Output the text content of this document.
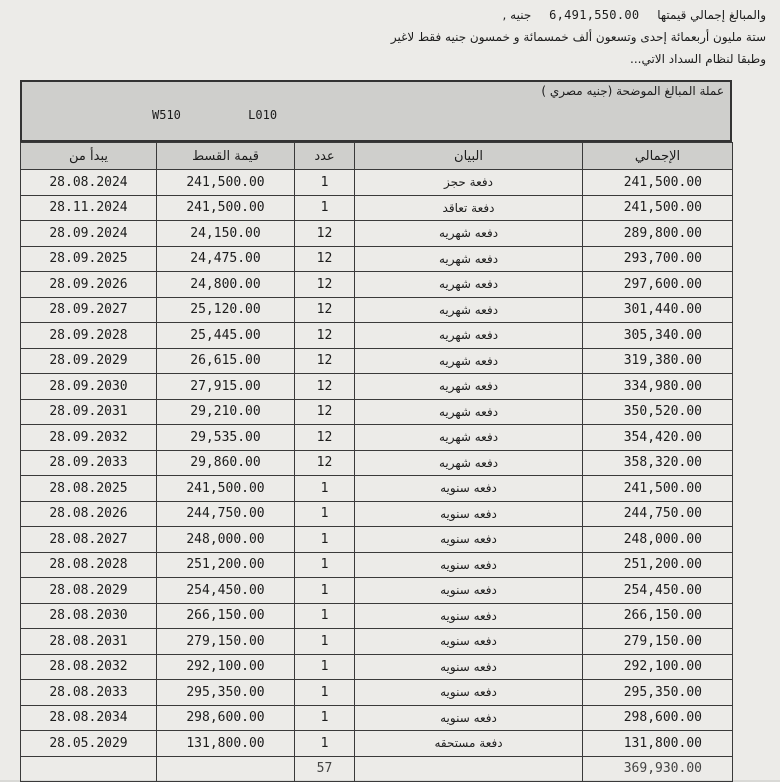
والمبالغ إجمالي قيمتها 6,491,550.00 جنيه ,
ستة مليون أربعمائة إحدى وتسعون ألف خمسمائة و خمسون جنيه فقط لاغير
وطبقا لنظام السداد الاتي...
عملة المبالغ الموضحة (جنيه مصري )
W510	L010
يبدأ من	قيمة القسط	عدد	البيان	الإجمالي
28.08.2024	241,500.00	1	دفعة حجز	241,500.00
28.11.2024	241,500.00	1	دفعة تعاقد	241,500.00
28.09.2024	24,150.00	12	دفعه شهريه	289,800.00
28.09.2025	24,475.00	12	دفعه شهريه	293,700.00
28.09.2026	24,800.00	12	دفعه شهريه	297,600.00
28.09.2027	25,120.00	12	دفعه شهريه	301,440.00
28.09.2028	25,445.00	12	دفعه شهريه	305,340.00
28.09.2029	26,615.00	12	دفعه شهريه	319,380.00
28.09.2030	27,915.00	12	دفعه شهريه	334,980.00
28.09.2031	29,210.00	12	دفعه شهريه	350,520.00
28.09.2032	29,535.00	12	دفعه شهريه	354,420.00
28.09.2033	29,860.00	12	دفعه شهريه	358,320.00
28.08.2025	241,500.00	1	دفعه سنويه	241,500.00
28.08.2026	244,750.00	1	دفعه سنويه	244,750.00
28.08.2027	248,000.00	1	دفعه سنويه	248,000.00
28.08.2028	251,200.00	1	دفعه سنويه	251,200.00
28.08.2029	254,450.00	1	دفعه سنويه	254,450.00
28.08.2030	266,150.00	1	دفعه سنويه	266,150.00
28.08.2031	279,150.00	1	دفعه سنويه	279,150.00
28.08.2032	292,100.00	1	دفعه سنويه	292,100.00
28.08.2033	295,350.00	1	دفعه سنويه	295,350.00
28.08.2034	298,600.00	1	دفعه سنويه	298,600.00
28.05.2029	131,800.00	1	دفعة مستحقه	131,800.00
		57		369,930.00
